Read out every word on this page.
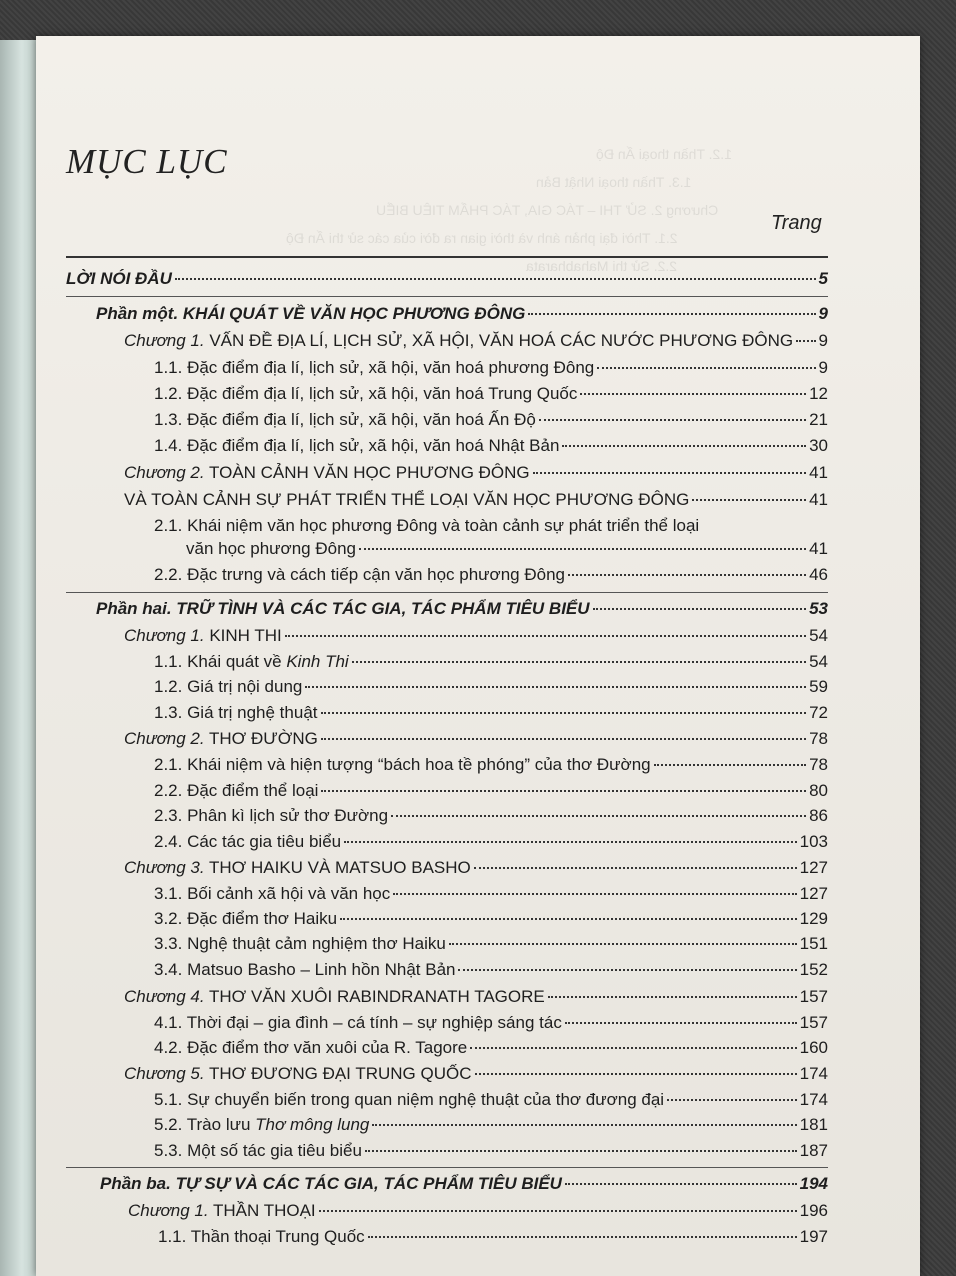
1.2. Thần thoại Ấn Độ
1.3. Thần thoại Nhật Bản
Chương 2. SỬ THI – TÁC GIA, TÁC PHẨM TIÊU BIỂU
2.1. Thời đại phản ánh và thời gian ra đời của các sử thi Ấn Độ
2.2. Sử thi Mahabharata
MỤC LỤC
Trang
LỜI NÓI ĐẦU	5
Phần một. KHÁI QUÁT VỀ VĂN HỌC PHƯƠNG ĐÔNG	9
Chương 1. VẤN ĐỀ ĐỊA LÍ, LỊCH SỬ, XÃ HỘI, VĂN HOÁ CÁC NƯỚC PHƯƠNG ĐÔNG 9
1.1. Đặc điểm địa lí, lịch sử, xã hội, văn hoá phương Đông	9
1.2. Đặc điểm địa lí, lịch sử, xã hội, văn hoá Trung Quốc	12
1.3. Đặc điểm địa lí, lịch sử, xã hội, văn hoá Ấn Độ	21
1.4. Đặc điểm địa lí, lịch sử, xã hội, văn hoá Nhật Bản	30
Chương 2. TOÀN CẢNH VĂN HỌC PHƯƠNG ĐÔNG	41
VÀ TOÀN CẢNH SỰ PHÁT TRIỂN THỂ LOẠI VĂN HỌC PHƯƠNG ĐÔNG	41
2.1. Khái niệm văn học phương Đông và toàn cảnh sự phát triển thể loại
văn học phương Đông	41
2.2. Đặc trưng và cách tiếp cận văn học phương Đông	46
Phần hai. TRỮ TÌNH VÀ CÁC TÁC GIA, TÁC PHẨM TIÊU BIỂU	53
Chương 1. KINH THI	54
1.1. Khái quát về Kinh Thi	54
1.2. Giá trị nội dung	59
1.3. Giá trị nghệ thuật	72
Chương 2. THƠ ĐƯỜNG	78
2.1. Khái niệm và hiện tượng “bách hoa tề phóng” của thơ Đường	78
2.2. Đặc điểm thể loại	80
2.3. Phân kì lịch sử thơ Đường	86
2.4. Các tác gia tiêu biểu	103
Chương 3. THƠ HAIKU VÀ MATSUO BASHO	127
3.1. Bối cảnh xã hội và văn học	127
3.2. Đặc điểm thơ Haiku	129
3.3. Nghệ thuật cảm nghiệm thơ Haiku	151
3.4. Matsuo Basho – Linh hồn Nhật Bản	152
Chương 4. THƠ VĂN XUÔI RABINDRANATH TAGORE	157
4.1. Thời đại – gia đình – cá tính – sự nghiệp sáng tác	157
4.2. Đặc điểm thơ văn xuôi của R. Tagore	160
Chương 5. THƠ ĐƯƠNG ĐẠI TRUNG QUỐC	174
5.1. Sự chuyển biến trong quan niệm nghệ thuật của thơ đương đại	174
5.2. Trào lưu Thơ mông lung	181
5.3. Một số tác gia tiêu biểu	187
Phần ba. TỰ SỰ VÀ CÁC TÁC GIA, TÁC PHẨM TIÊU BIỂU	194
Chương 1. THẦN THOẠI	196
1.1. Thần thoại Trung Quốc	197
